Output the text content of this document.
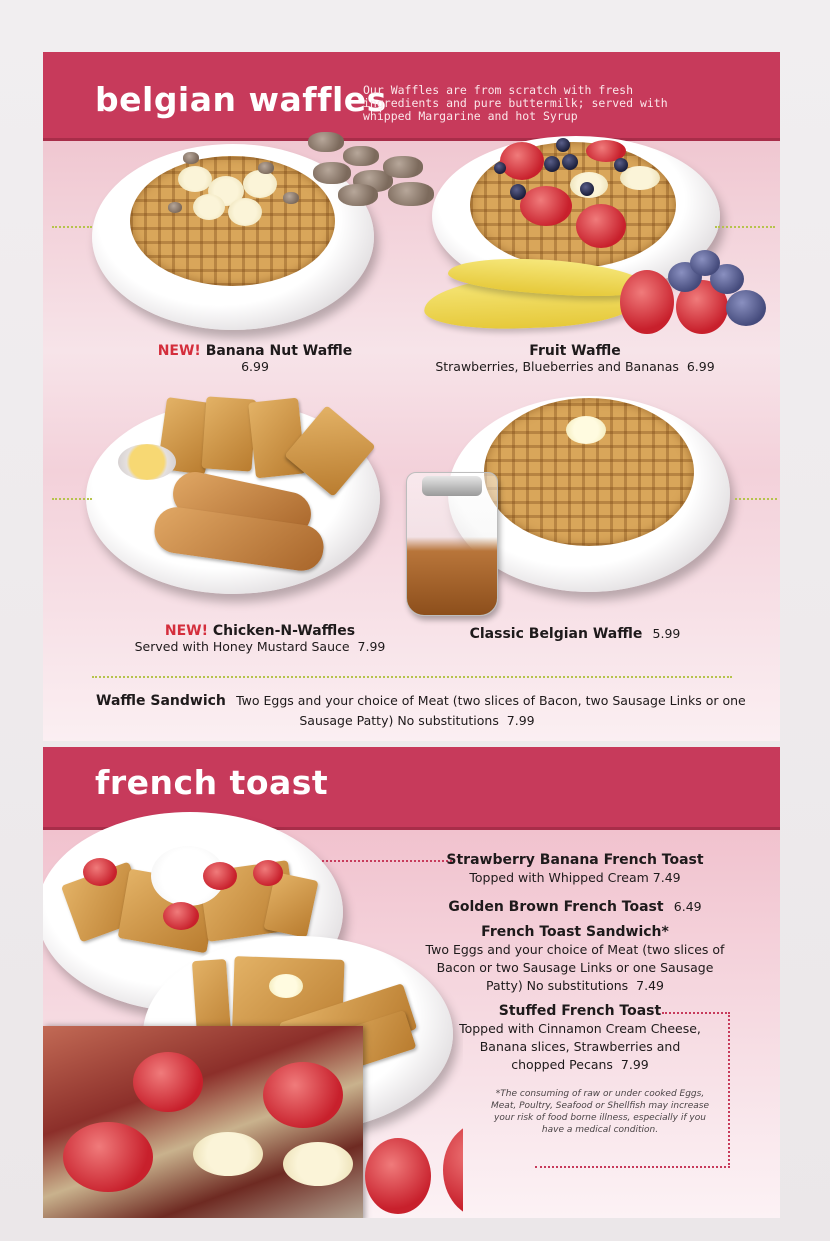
belgian waffles
Our Waffles are from scratch with fresh ingredients and pure buttermilk; served with whipped Margarine and hot Syrup
NEW! Banana Nut Waffle
6.99
Fruit Waffle
Strawberries, Blueberries and Bananas 6.99
NEW! Chicken-N-Waffles
Served with Honey Mustard Sauce 7.99
Classic Belgian Waffle 5.99
Waffle Sandwich Two Eggs and your choice of Meat (two slices of Bacon, two Sausage Links or one
Sausage Patty) No substitutions 7.99
french toast
Strawberry Banana French Toast
Topped with Whipped Cream 7.49
Golden Brown French Toast 6.49
French Toast Sandwich*
Two Eggs and your choice of Meat (two slices of
Bacon or two Sausage Links or one Sausage
Patty) No substitutions 7.49
Stuffed French Toast
Topped with Cinnamon Cream Cheese,
Banana slices, Strawberries and
chopped Pecans 7.99
*The consuming of raw or under cooked Eggs,
Meat, Poultry, Seafood or Shellfish may increase
your risk of food borne illness, especially if you
have a medical condition.
